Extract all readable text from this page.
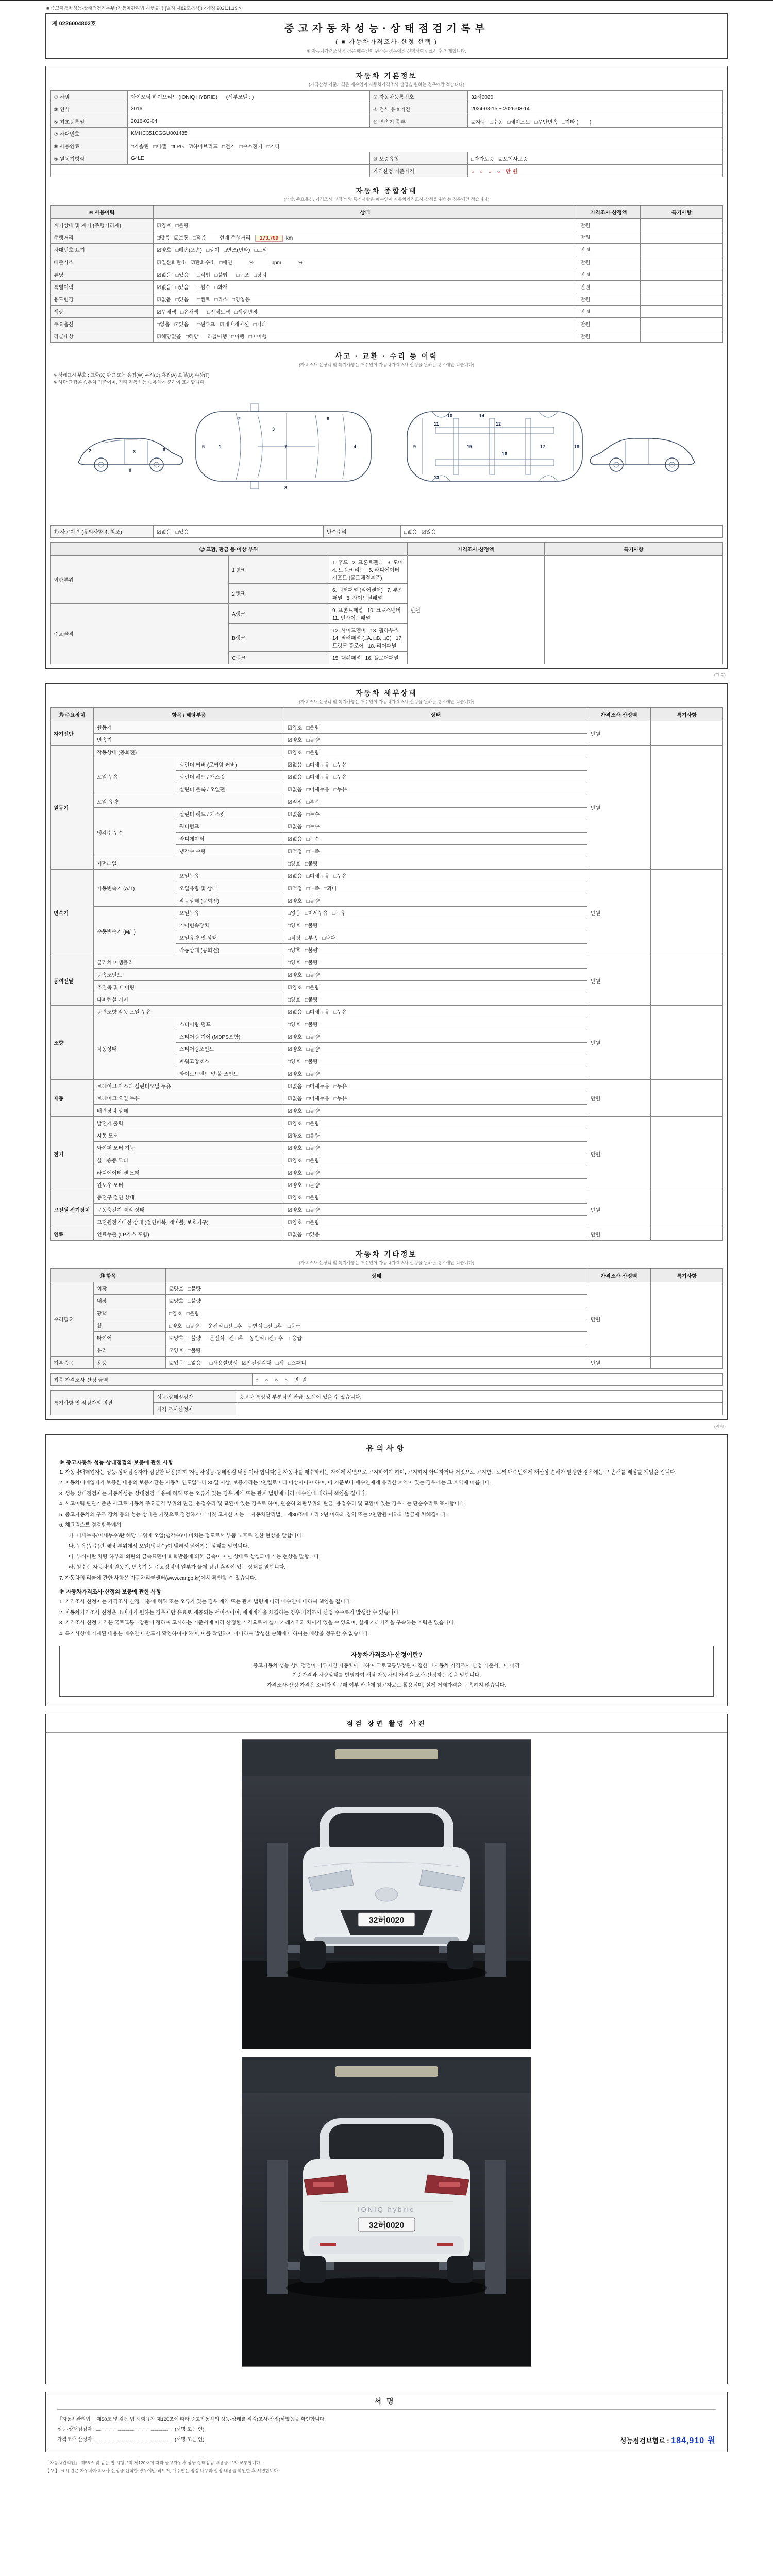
■ 중고자동차성능·상태점검기록부 (자동차관리법 시행규칙 [별지 제82호서식]) <개정 2021.1.19.>
제 0226004802호	중고자동차성능·상태점검기록부
( ■ 자동차가격조사·산정 선택 )
※ 자동차가격조사·산정은 매수인이 원하는 경우에만 선택하여 √ 표시 후 기재합니다.
자동차 기본정보
(가격산정 기준가격은 매수인이 자동차가격조사·산정을 원하는 경우에만 적습니다)
① 차명	아이오닉 하이브리드 (IONIQ HYBRID)      (세부모델 : )	② 자동차등록번호	32허0020
③ 연식	2016	④ 검사 유효기간	2024-03-15 ~ 2026-03-14
⑤ 최초등록일	2016-02-04	⑥ 변속기 종류	☑자동   □수동   □세미오토   □무단변속   □기타 (        )
⑦ 차대번호	KMHC351CGGU001485		
⑧ 사용연료	□가솔린   □디젤   □LPG   ☑하이브리드   □전기   □수소전기   □기타		
⑨ 원동기형식	G4LE	⑩ 보증유형	□자가보증   ☑보험사보증
		가격산정 기준가격	○ ○ ○ ○ 만원
자동차 종합상태
(색상, 주요옵션, 가격조사·산정액 및 특기사항은 매수인이 자동차가격조사·산정을 원하는 경우에만 적습니다)
⑩ 사용이력	상태	가격조사·산정액	특기사항
계기상태 및 계기 (주행거리계)	☑양호   □불량	만원	
주행거리	□많음   ☑보통   □적음 현재 주행거리  173,769 km	만원	
차대번호 표기	☑양호   □훼손(오손)   □상이   □변조(변타)   □도말	만원	
배출가스	☑일산화탄소   ☑탄화수소   □매연            %            ppm            %	만원	
튜닝	☑없음   □있음      □적법   □불법      □구조   □장치	만원	
특별이력	☑없음   □있음      □침수   □화재	만원	
용도변경	☑없음   □있음      □렌트   □리스   □영업용	만원	
색상	☑무채색   □유채색      □전체도색   □색상변경	만원	
주요옵션	□없음   ☑있음      □썬루프   ☑네비게이션   □기타	만원	
리콜대상	☑해당없음   □해당      리콜이행 : □이행   □미이행	만원	
사고 · 교환 · 수리 등 이력
(가격조사·산정액 및 특기사항은 매수인이 자동차가격조사·산정을 원하는 경우에만 적습니다)
※ 상태표시 부호 : 교환(X) 판금 또는 용접(W) 부식(C) 흠집(A) 요철(U) 손상(T)
※ 하단 그림은 승용차 기준이며, 기타 자동차는 승용차에 준하여 표시합니다.
2	3	6
8
1
2
3
4
5
6
7
8
9
10
11	12
13
14
15
16
17	18
⑪ 사고이력 (유의사항 4. 참조)	☑없음   □있음	단순수리	□없음   ☑있음
⑫ 교환, 판금 등 이상 부위			가격조사·산정액	특기사항
외판부위	1랭크	1. 후드   2. 프론트펜더   3. 도어   4. 트렁크 리드   5. 라디에이터 서포트 (볼트체결부품)	만원	
	2랭크	6. 쿼터패널 (리어펜더)   7. 루프패널   8. 사이드실패널		
주요골격	A랭크	9. 프론트패널   10. 크로스멤버   11. 인사이드패널		
	B랭크	12. 사이드멤버   13. 휠하우스   14. 필러패널 (□A, □B, □C)   17. 트렁크 플로어   18. 리어패널		
	C랭크	15. 대쉬패널   16. 플로어패널		
(계속)
자동차 세부상태
(가격조사·산정액 및 특기사항은 매수인이 자동차가격조사·산정을 원하는 경우에만 적습니다)
⑬ 주요장치	항목 / 해당부품		상태	가격조사·산정액	특기사항
자기진단	원동기		☑양호   □불량	만원	
	변속기		☑양호   □불량		
원동기	작동상태 (공회전)		☑양호   □불량	만원	
	오일 누유	실린더 커버 (로커암 커버)	☑없음   □미세누유   □누유		
		실린더 헤드 / 개스킷	☑없음   □미세누유   □누유		
		실린더 블록 / 오일팬	☑없음   □미세누유   □누유		
	오일 유량		☑적정   □부족		
	냉각수 누수	실린더 헤드 / 개스킷	☑없음   □누수		
		워터펌프	☑없음   □누수		
		라디에이터	☑없음   □누수		
		냉각수 수량	☑적정   □부족		
	커먼레일		□양호   □불량		
변속기	자동변속기 (A/T)	오일누유	☑없음   □미세누유   □누유	만원	
		오일유량 및 상태	☑적정   □부족   □과다		
		작동상태 (공회전)	☑양호   □불량		
	수동변속기 (M/T)	오일누유	□없음   □미세누유   □누유		
		기어변속장치	□양호   □불량		
		오일유량 및 상태	□적정   □부족   □과다		
		작동상태 (공회전)	□양호   □불량		
동력전달	클러치 어셈블리		□양호   □불량	만원	
	등속조인트		☑양호   □불량		
	추진축 및 베어링		☑양호   □불량		
	디퍼렌셜 기어		□양호   □불량		
조향	동력조향 작동 오일 누유		☑없음   □미세누유   □누유	만원	
	작동상태	스티어링 펌프	□양호   □불량		
		스티어링 기어 (MDPS포함)	☑양호   □불량		
		스티어링조인트	☑양호   □불량		
		파워고압호스	□양호   □불량		
		타이로드엔드 및 볼 조인트	☑양호   □불량		
제동	브레이크 마스터 실린더오일 누유		☑없음   □미세누유   □누유	만원	
	브레이크 오일 누유		☑없음   □미세누유   □누유		
	배력장치 상태		☑양호   □불량		
전기	발전기 출력		☑양호   □불량	만원	
	시동 모터		☑양호   □불량		
	와이퍼 모터 기능		☑양호   □불량		
	실내송풍 모터		☑양호   □불량		
	라디에이터 팬 모터		☑양호   □불량		
	윈도우 모터		☑양호   □불량		
고전원 전기장치	충전구 절연 상태		☑양호   □불량	만원	
	구동축전지 격리 상태		☑양호   □불량		
	고전원전기배선 상태 (절연피복, 케이블, 보호기구)		☑양호   □불량		
연료	연료누출 (LP가스 포함)		☑없음   □있음	만원	
자동차 기타정보
(가격조사·산정액 및 특기사항은 매수인이 자동차가격조사·산정을 원하는 경우에만 적습니다)
⑭ 항목		상태	가격조사·산정액	특기사항
수리필요	외장	☑양호   □불량	만원	
	내장	☑양호   □불량		
	광택	□양호   □불량		
	휠	□양호   □불량      운전석 □전 □후    동반석 □전 □후    □응급		
	타이어	☑양호   □불량      운전석 □전 □후    동반석 □전 □후    □응급		
	유리	☑양호   □불량		
기본품목	용품	☑있음   □없음      □사용설명서   ☑안전삼각대   □잭   □스패너	만원	
최종 가격조사·산정 금액	○ ○ ○ ○ 만원
특기사항 및 점검자의 의견	성능·상태점검자	중고차 특성상 부분적인 판금, 도색이 있을 수 있습니다.
	가격·조사산정자	
(계속)
유의사항
※ 중고자동차 성능·상태점검의 보증에 관한 사항

1. 자동차매매업자는 성능·상태점검자가 점검한 내용(이하 '자동차성능·상태점검 내용'이라 합니다)을 자동차를 매수하려는 자에게 서면으로 고지하여야 하며, 고지하지 아니하거나 거짓으로 고지함으로써 매수인에게 재산상 손해가 발생한 경우에는 그 손해를 배상할 책임을 집니다.

2. 자동차매매업자가 보증한 내용의 보증기간은 자동차 인도일부터 30일 이상, 보증거리는 2천킬로미터 이상이어야 하며, 이 기준보다 매수인에게 유리한 계약이 있는 경우에는 그 계약에 따릅니다.

3. 성능·상태점검자는 자동차성능·상태점검 내용에 허위 또는 오류가 있는 경우 계약 또는 관계 법령에 따라 매수인에 대하여 책임을 집니다.

4. 사고이력 판단기준은 사고로 자동차 주요골격 부위의 판금, 용접수리 및 교환이 있는 경우로 하며, 단순히 외판부위의 판금, 용접수리 및 교환이 있는 경우에는 단순수리로 표시합니다.

5. 중고자동차의 구조·장치 등의 성능·상태를 거짓으로 점검하거나 거짓 고지한 자는 「자동차관리법」 제80조에 따라 2년 이하의 징역 또는 2천만원 이하의 벌금에 처해집니다.

6. 체크리스트 점검항목에서

가. 미세누유(미세누수)란 해당 부위에 오일(냉각수)이 비치는 정도로서 부품 노후로 인한 현상을 말합니다.

나. 누유(누수)란 해당 부위에서 오일(냉각수)이 맺혀서 떨어지는 상태를 말합니다.

다. 부식이란 차량 하부와 외판의 금속표면이 화학반응에 의해 금속이 아닌 상태로 상실되어 가는 현상을 말합니다.

라. 침수란 자동차의 원동기, 변속기 등 주요장치의 일부가 물에 잠긴 흔적이 있는 상태를 말합니다.

7. 자동차의 리콜에 관한 사항은 자동차리콜센터(www.car.go.kr)에서 확인할 수 있습니다.

※ 자동차가격조사·산정의 보증에 관한 사항

1. 가격조사·산정자는 가격조사·산정 내용에 허위 또는 오류가 있는 경우 계약 또는 관계 법령에 따라 매수인에 대하여 책임을 집니다.

2. 자동차가격조사·산정은 소비자가 원하는 경우에만 유료로 제공되는 서비스이며, 매매계약을 체결하는 경우 가격조사·산정 수수료가 발생할 수 있습니다.

3. 가격조사·산정 가격은 국토교통부장관이 정하여 고시하는 기준서에 따라 산정한 가격으로서 실제 거래가격과 차이가 있을 수 있으며, 실제 거래가격을 구속하는 효력은 없습니다.

4. 특기사항에 기재된 내용은 매수인이 반드시 확인하여야 하며, 이를 확인하지 아니하여 발생한 손해에 대하여는 배상을 청구할 수 없습니다.

자동차가격조사·산정이란?

중고자동차 성능·상태점검이 이루어진 자동차에 대하여 국토교통부장관이 정한 「자동차 가격조사·산정 기준서」에 따라

기준가격과 차량상태를 반영하여 해당 자동차의 가격을 조사·산정하는 것을 말합니다.

가격조사·산정 가격은 소비자의 구매 여부 판단에 참고자료로 활용되며, 실제 거래가격을 구속하지 않습니다.

점검 장면 촬영 사진
32허0020
IONIQ hybrid
32허0020
서명

「자동차관리법」 제58조 및 같은 법 시행규칙 제120조에 따라 중고자동차의 성능·상태를 점검(조사·산정)하였음을 확인합니다.

성능·상태점검자 :	(서명 또는 인)

가격조사·산정자 :	(서명 또는 인)	성능점검보험료 : 184,910 원

「자동차관리법」 제58조 및 같은 법 시행규칙 제120조에 따라 중고자동차 성능·상태점검 내용을 고지·교부합니다.

【 V 】 표시 란은 자동차가격조사·산정을 선택한 경우에만 적으며, 매수인은 점검 내용과 산정 내용을 확인한 후 서명합니다.
